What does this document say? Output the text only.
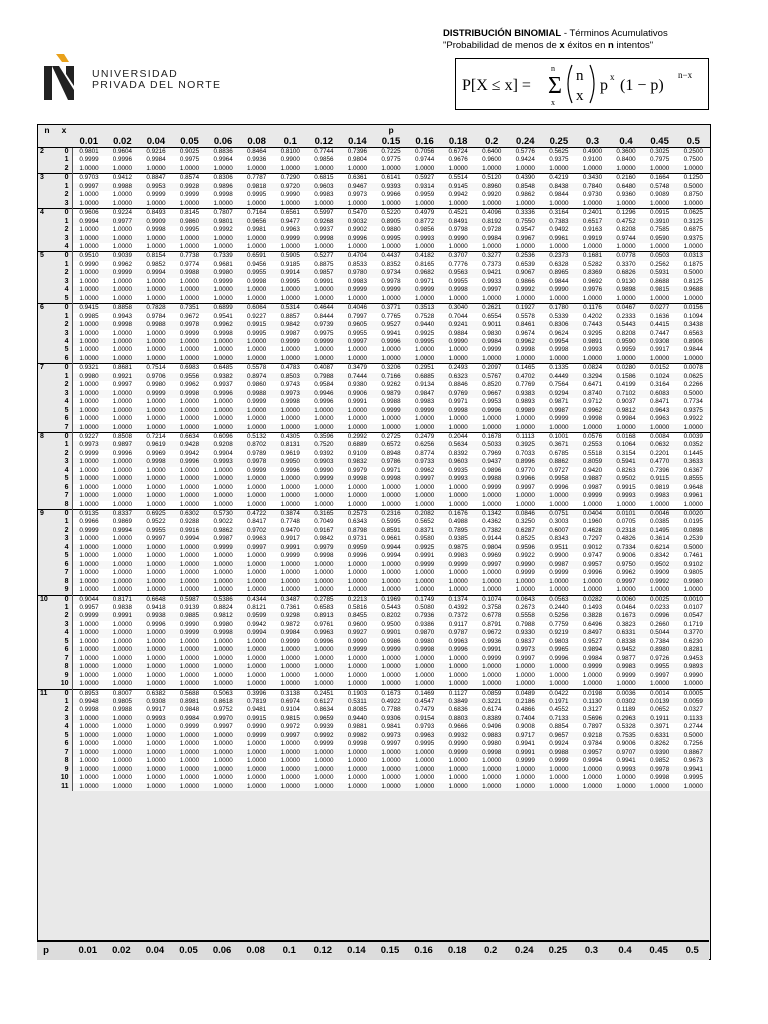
UNIVERSIDAD
PRIVADA DEL NORTE
DISTRIBUCIÓN BINOMIAL - Términos Acumulativos
"Probabilidad de menos de x éxitos en n intentos"
P[X ≤ x] = Σ
n
x
n
x
p x (1 − p)
n−x
n	x	p																		
		0.01	0.02	0.04	0.05	0.06	0.08	0.1	0.12	0.14	0.15	0.16	0.18	0.2	0.24	0.25	0.3	0.4	0.45	0.5
2	0	0.9801	0.9604	0.9216	0.9025	0.8836	0.8464	0.8100	0.7744	0.7396	0.7225	0.7056	0.6724	0.6400	0.5776	0.5625	0.4900	0.3600	0.3025	0.2500
	1	0.9999	0.9996	0.9984	0.9975	0.9964	0.9936	0.9900	0.9856	0.9804	0.9775	0.9744	0.9676	0.9600	0.9424	0.9375	0.9100	0.8400	0.7975	0.7500
	2	1.0000	1.0000	1.0000	1.0000	1.0000	1.0000	1.0000	1.0000	1.0000	1.0000	1.0000	1.0000	1.0000	1.0000	1.0000	1.0000	1.0000	1.0000	1.0000
3	0	0.9703	0.9412	0.8847	0.8574	0.8306	0.7787	0.7290	0.6815	0.6361	0.6141	0.5927	0.5514	0.5120	0.4390	0.4219	0.3430	0.2160	0.1664	0.1250
	1	0.9997	0.9988	0.9953	0.9928	0.9896	0.9818	0.9720	0.9603	0.9467	0.9393	0.9314	0.9145	0.8960	0.8548	0.8438	0.7840	0.6480	0.5748	0.5000
	2	1.0000	1.0000	0.9999	0.9999	0.9998	0.9995	0.9990	0.9983	0.9973	0.9966	0.9959	0.9942	0.9920	0.9862	0.9844	0.9730	0.9360	0.9089	0.8750
	3	1.0000	1.0000	1.0000	1.0000	1.0000	1.0000	1.0000	1.0000	1.0000	1.0000	1.0000	1.0000	1.0000	1.0000	1.0000	1.0000	1.0000	1.0000	1.0000
4	0	0.9606	0.9224	0.8493	0.8145	0.7807	0.7164	0.6561	0.5997	0.5470	0.5220	0.4979	0.4521	0.4096	0.3336	0.3164	0.2401	0.1296	0.0915	0.0625
	1	0.9994	0.9977	0.9909	0.9860	0.9801	0.9656	0.9477	0.9268	0.9032	0.8905	0.8772	0.8491	0.8192	0.7550	0.7383	0.6517	0.4752	0.3910	0.3125
	2	1.0000	1.0000	0.9998	0.9995	0.9992	0.9981	0.9963	0.9937	0.9902	0.9880	0.9856	0.9798	0.9728	0.9547	0.9492	0.9163	0.8208	0.7585	0.6875
	3	1.0000	1.0000	1.0000	1.0000	1.0000	1.0000	0.9999	0.9998	0.9996	0.9995	0.9993	0.9990	0.9984	0.9967	0.9961	0.9919	0.9744	0.9590	0.9375
	4	1.0000	1.0000	1.0000	1.0000	1.0000	1.0000	1.0000	1.0000	1.0000	1.0000	1.0000	1.0000	1.0000	1.0000	1.0000	1.0000	1.0000	1.0000	1.0000
5	0	0.9510	0.9039	0.8154	0.7738	0.7339	0.6591	0.5905	0.5277	0.4704	0.4437	0.4182	0.3707	0.3277	0.2536	0.2373	0.1681	0.0778	0.0503	0.0313
	1	0.9990	0.9962	0.9852	0.9774	0.9681	0.9456	0.9185	0.8875	0.8533	0.8352	0.8165	0.7776	0.7373	0.6539	0.6328	0.5282	0.3370	0.2562	0.1875
	2	1.0000	0.9999	0.9994	0.9988	0.9980	0.9955	0.9914	0.9857	0.9780	0.9734	0.9682	0.9563	0.9421	0.9067	0.8965	0.8369	0.6826	0.5931	0.5000
	3	1.0000	1.0000	1.0000	1.0000	0.9999	0.9998	0.9995	0.9991	0.9983	0.9978	0.9971	0.9955	0.9933	0.9866	0.9844	0.9692	0.9130	0.8688	0.8125
	4	1.0000	1.0000	1.0000	1.0000	1.0000	1.0000	1.0000	1.0000	0.9999	0.9999	0.9999	0.9998	0.9997	0.9992	0.9990	0.9976	0.9898	0.9815	0.9688
	5	1.0000	1.0000	1.0000	1.0000	1.0000	1.0000	1.0000	1.0000	1.0000	1.0000	1.0000	1.0000	1.0000	1.0000	1.0000	1.0000	1.0000	1.0000	1.0000
6	0	0.9415	0.8858	0.7828	0.7351	0.6899	0.6064	0.5314	0.4644	0.4046	0.3771	0.3513	0.3040	0.2621	0.1927	0.1780	0.1176	0.0467	0.0277	0.0156
	1	0.9985	0.9943	0.9784	0.9672	0.9541	0.9227	0.8857	0.8444	0.7997	0.7765	0.7528	0.7044	0.6554	0.5578	0.5339	0.4202	0.2333	0.1636	0.1094
	2	1.0000	0.9998	0.9988	0.9978	0.9962	0.9915	0.9842	0.9739	0.9605	0.9527	0.9440	0.9241	0.9011	0.8461	0.8306	0.7443	0.5443	0.4415	0.3438
	3	1.0000	1.0000	1.0000	0.9999	0.9998	0.9995	0.9987	0.9975	0.9955	0.9941	0.9925	0.9884	0.9830	0.9674	0.9624	0.9295	0.8208	0.7447	0.6563
	4	1.0000	1.0000	1.0000	1.0000	1.0000	1.0000	0.9999	0.9999	0.9997	0.9996	0.9995	0.9990	0.9984	0.9962	0.9954	0.9891	0.9590	0.9308	0.8906
	5	1.0000	1.0000	1.0000	1.0000	1.0000	1.0000	1.0000	1.0000	1.0000	1.0000	1.0000	1.0000	0.9999	0.9998	0.9998	0.9993	0.9959	0.9917	0.9844
	6	1.0000	1.0000	1.0000	1.0000	1.0000	1.0000	1.0000	1.0000	1.0000	1.0000	1.0000	1.0000	1.0000	1.0000	1.0000	1.0000	1.0000	1.0000	1.0000
7	0	0.9321	0.8681	0.7514	0.6983	0.6485	0.5578	0.4783	0.4087	0.3479	0.3206	0.2951	0.2493	0.2097	0.1465	0.1335	0.0824	0.0280	0.0152	0.0078
	1	0.9980	0.9921	0.9706	0.9556	0.9382	0.8974	0.8503	0.7988	0.7444	0.7166	0.6885	0.6323	0.5767	0.4702	0.4449	0.3294	0.1586	0.1024	0.0625
	2	1.0000	0.9997	0.9980	0.9962	0.9937	0.9860	0.9743	0.9584	0.9380	0.9262	0.9134	0.8846	0.8520	0.7769	0.7564	0.6471	0.4199	0.3164	0.2266
	3	1.0000	1.0000	0.9999	0.9998	0.9996	0.9988	0.9973	0.9946	0.9906	0.9879	0.9847	0.9769	0.9667	0.9383	0.9294	0.8740	0.7102	0.6083	0.5000
	4	1.0000	1.0000	1.0000	1.0000	1.0000	0.9999	0.9998	0.9996	0.9991	0.9988	0.9983	0.9971	0.9953	0.9893	0.9871	0.9712	0.9037	0.8471	0.7734
	5	1.0000	1.0000	1.0000	1.0000	1.0000	1.0000	1.0000	1.0000	1.0000	0.9999	0.9999	0.9998	0.9996	0.9989	0.9987	0.9962	0.9812	0.9643	0.9375
	6	1.0000	1.0000	1.0000	1.0000	1.0000	1.0000	1.0000	1.0000	1.0000	1.0000	1.0000	1.0000	1.0000	1.0000	0.9999	0.9998	0.9984	0.9963	0.9922
	7	1.0000	1.0000	1.0000	1.0000	1.0000	1.0000	1.0000	1.0000	1.0000	1.0000	1.0000	1.0000	1.0000	1.0000	1.0000	1.0000	1.0000	1.0000	1.0000
8	0	0.9227	0.8508	0.7214	0.6634	0.6096	0.5132	0.4305	0.3596	0.2992	0.2725	0.2479	0.2044	0.1678	0.1113	0.1001	0.0576	0.0168	0.0084	0.0039
	1	0.9973	0.9897	0.9619	0.9428	0.9208	0.8702	0.8131	0.7520	0.6889	0.6572	0.6256	0.5634	0.5033	0.3925	0.3671	0.2553	0.1064	0.0632	0.0352
	2	0.9999	0.9996	0.9969	0.9942	0.9904	0.9789	0.9619	0.9392	0.9109	0.8948	0.8774	0.8392	0.7969	0.7033	0.6785	0.5518	0.3154	0.2201	0.1445
	3	1.0000	1.0000	0.9998	0.9996	0.9993	0.9978	0.9950	0.9903	0.9832	0.9786	0.9733	0.9603	0.9437	0.8996	0.8862	0.8059	0.5941	0.4770	0.3633
	4	1.0000	1.0000	1.0000	1.0000	1.0000	0.9999	0.9996	0.9990	0.9979	0.9971	0.9962	0.9935	0.9896	0.9770	0.9727	0.9420	0.8263	0.7396	0.6367
	5	1.0000	1.0000	1.0000	1.0000	1.0000	1.0000	1.0000	0.9999	0.9998	0.9998	0.9997	0.9993	0.9988	0.9966	0.9958	0.9887	0.9502	0.9115	0.8555
	6	1.0000	1.0000	1.0000	1.0000	1.0000	1.0000	1.0000	1.0000	1.0000	1.0000	1.0000	1.0000	0.9999	0.9997	0.9996	0.9987	0.9915	0.9819	0.9648
	7	1.0000	1.0000	1.0000	1.0000	1.0000	1.0000	1.0000	1.0000	1.0000	1.0000	1.0000	1.0000	1.0000	1.0000	1.0000	0.9999	0.9993	0.9983	0.9961
	8	1.0000	1.0000	1.0000	1.0000	1.0000	1.0000	1.0000	1.0000	1.0000	1.0000	1.0000	1.0000	1.0000	1.0000	1.0000	1.0000	1.0000	1.0000	1.0000
9	0	0.9135	0.8337	0.6925	0.6302	0.5730	0.4722	0.3874	0.3165	0.2573	0.2316	0.2082	0.1676	0.1342	0.0846	0.0751	0.0404	0.0101	0.0046	0.0020
	1	0.9966	0.9869	0.9522	0.9288	0.9022	0.8417	0.7748	0.7049	0.6343	0.5995	0.5652	0.4988	0.4362	0.3250	0.3003	0.1960	0.0705	0.0385	0.0195
	2	0.9999	0.9994	0.9955	0.9916	0.9862	0.9702	0.9470	0.9167	0.8798	0.8591	0.8371	0.7895	0.7382	0.6287	0.6007	0.4628	0.2318	0.1495	0.0898
	3	1.0000	1.0000	0.9997	0.9994	0.9987	0.9963	0.9917	0.9842	0.9731	0.9661	0.9580	0.9385	0.9144	0.8525	0.8343	0.7297	0.4826	0.3614	0.2539
	4	1.0000	1.0000	1.0000	1.0000	0.9999	0.9997	0.9991	0.9979	0.9959	0.9944	0.9925	0.9875	0.9804	0.9596	0.9511	0.9012	0.7334	0.6214	0.5000
	5	1.0000	1.0000	1.0000	1.0000	1.0000	1.0000	0.9999	0.9998	0.9996	0.9994	0.9991	0.9983	0.9969	0.9922	0.9900	0.9747	0.9006	0.8342	0.7461
	6	1.0000	1.0000	1.0000	1.0000	1.0000	1.0000	1.0000	1.0000	1.0000	1.0000	0.9999	0.9999	0.9997	0.9990	0.9987	0.9957	0.9750	0.9502	0.9102
	7	1.0000	1.0000	1.0000	1.0000	1.0000	1.0000	1.0000	1.0000	1.0000	1.0000	1.0000	1.0000	1.0000	0.9999	0.9999	0.9996	0.9962	0.9909	0.9805
	8	1.0000	1.0000	1.0000	1.0000	1.0000	1.0000	1.0000	1.0000	1.0000	1.0000	1.0000	1.0000	1.0000	1.0000	1.0000	1.0000	0.9997	0.9992	0.9980
	9	1.0000	1.0000	1.0000	1.0000	1.0000	1.0000	1.0000	1.0000	1.0000	1.0000	1.0000	1.0000	1.0000	1.0000	1.0000	1.0000	1.0000	1.0000	1.0000
10	0	0.9044	0.8171	0.6648	0.5987	0.5386	0.4344	0.3487	0.2785	0.2213	0.1969	0.1749	0.1374	0.1074	0.0643	0.0563	0.0282	0.0060	0.0025	0.0010
	1	0.9957	0.9838	0.9418	0.9139	0.8824	0.8121	0.7361	0.6583	0.5816	0.5443	0.5080	0.4392	0.3758	0.2673	0.2440	0.1493	0.0464	0.0233	0.0107
	2	0.9999	0.9991	0.9938	0.9885	0.9812	0.9599	0.9298	0.8913	0.8455	0.8202	0.7936	0.7372	0.6778	0.5558	0.5256	0.3828	0.1673	0.0996	0.0547
	3	1.0000	1.0000	0.9996	0.9990	0.9980	0.9942	0.9872	0.9761	0.9600	0.9500	0.9386	0.9117	0.8791	0.7988	0.7759	0.6496	0.3823	0.2660	0.1719
	4	1.0000	1.0000	1.0000	0.9999	0.9998	0.9994	0.9984	0.9963	0.9927	0.9901	0.9870	0.9787	0.9672	0.9330	0.9219	0.8497	0.6331	0.5044	0.3770
	5	1.0000	1.0000	1.0000	1.0000	1.0000	1.0000	0.9999	0.9996	0.9990	0.9986	0.9980	0.9963	0.9936	0.9837	0.9803	0.9527	0.8338	0.7384	0.6230
	6	1.0000	1.0000	1.0000	1.0000	1.0000	1.0000	1.0000	1.0000	0.9999	0.9999	0.9998	0.9996	0.9991	0.9973	0.9965	0.9894	0.9452	0.8980	0.8281
	7	1.0000	1.0000	1.0000	1.0000	1.0000	1.0000	1.0000	1.0000	1.0000	1.0000	1.0000	1.0000	0.9999	0.9997	0.9996	0.9984	0.9877	0.9726	0.9453
	8	1.0000	1.0000	1.0000	1.0000	1.0000	1.0000	1.0000	1.0000	1.0000	1.0000	1.0000	1.0000	1.0000	1.0000	1.0000	0.9999	0.9983	0.9955	0.9893
	9	1.0000	1.0000	1.0000	1.0000	1.0000	1.0000	1.0000	1.0000	1.0000	1.0000	1.0000	1.0000	1.0000	1.0000	1.0000	1.0000	0.9999	0.9997	0.9990
	10	1.0000	1.0000	1.0000	1.0000	1.0000	1.0000	1.0000	1.0000	1.0000	1.0000	1.0000	1.0000	1.0000	1.0000	1.0000	1.0000	1.0000	1.0000	1.0000
11	0	0.8953	0.8007	0.6382	0.5688	0.5063	0.3996	0.3138	0.2451	0.1903	0.1673	0.1469	0.1127	0.0859	0.0489	0.0422	0.0198	0.0036	0.0014	0.0005
	1	0.9948	0.9805	0.9308	0.8981	0.8618	0.7819	0.6974	0.6127	0.5311	0.4922	0.4547	0.3849	0.3221	0.2186	0.1971	0.1130	0.0302	0.0139	0.0059
	2	0.9998	0.9988	0.9917	0.9848	0.9752	0.9481	0.9104	0.8634	0.8085	0.7788	0.7479	0.6836	0.6174	0.4866	0.4552	0.3127	0.1189	0.0652	0.0327
	3	1.0000	1.0000	0.9993	0.9984	0.9970	0.9915	0.9815	0.9659	0.9440	0.9306	0.9154	0.8803	0.8389	0.7404	0.7133	0.5696	0.2963	0.1911	0.1133
	4	1.0000	1.0000	1.0000	0.9999	0.9997	0.9990	0.9972	0.9939	0.9881	0.9841	0.9793	0.9666	0.9496	0.9008	0.8854	0.7897	0.5328	0.3971	0.2744
	5	1.0000	1.0000	1.0000	1.0000	1.0000	0.9999	0.9997	0.9992	0.9982	0.9973	0.9963	0.9932	0.9883	0.9717	0.9657	0.9218	0.7535	0.6331	0.5000
	6	1.0000	1.0000	1.0000	1.0000	1.0000	1.0000	1.0000	0.9999	0.9998	0.9997	0.9995	0.9990	0.9980	0.9941	0.9924	0.9784	0.9006	0.8262	0.7256
	7	1.0000	1.0000	1.0000	1.0000	1.0000	1.0000	1.0000	1.0000	1.0000	1.0000	1.0000	0.9999	0.9998	0.9991	0.9988	0.9957	0.9707	0.9390	0.8867
	8	1.0000	1.0000	1.0000	1.0000	1.0000	1.0000	1.0000	1.0000	1.0000	1.0000	1.0000	1.0000	1.0000	0.9999	0.9999	0.9994	0.9941	0.9852	0.9673
	9	1.0000	1.0000	1.0000	1.0000	1.0000	1.0000	1.0000	1.0000	1.0000	1.0000	1.0000	1.0000	1.0000	1.0000	1.0000	1.0000	0.9993	0.9978	0.9941
	10	1.0000	1.0000	1.0000	1.0000	1.0000	1.0000	1.0000	1.0000	1.0000	1.0000	1.0000	1.0000	1.0000	1.0000	1.0000	1.0000	1.0000	0.9998	0.9995
	11	1.0000	1.0000	1.0000	1.0000	1.0000	1.0000	1.0000	1.0000	1.0000	1.0000	1.0000	1.0000	1.0000	1.0000	1.0000	1.0000	1.0000	1.0000	1.0000
p		0.01	0.02	0.04	0.05	0.06	0.08	0.1	0.12	0.14	0.15	0.16	0.18	0.2	0.24	0.25	0.3	0.4	0.45	0.5
